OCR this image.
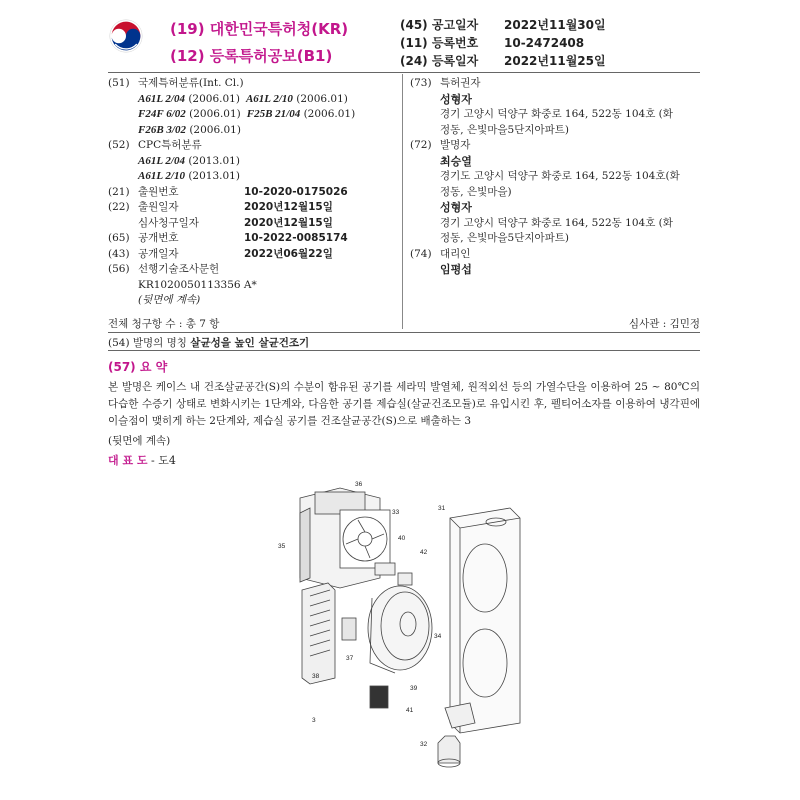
(19) 대한민국특허청(KR)
(12) 등록특허공보(B1)
(45) 공고일자	2022년11월30일
(11) 등록번호	10-2472408
(24) 등록일자	2022년11월25일
(51) 국제특허분류(Int. Cl.)
A61L 2/04
(2006.01) A61L 2/10
(2006.01)
F24F 6/02
(2006.01) F25B 21/04
(2006.01)
F26B 3/02
(2006.01)
(52) CPC특허분류
A61L 2/04
(2013.01)
A61L 2/10
(2013.01)
(21) 출원번호	10-2020-0175026
(22) 출원일자	2020년12월15일
심사청구일자	2020년12월15일
(65) 공개번호	10-2022-0085174
(43) 공개일자	2022년06월22일
(56) 선행기술조사문헌
KR1020050113356 A*
(뒷면에 계속)
(73) 특허권자
성형자
경기 고양시 덕양구 화중로 164, 522동 104호 (화정동, 은빛마을5단지아파트)
(72) 발명자
최승열
경기도 고양시 덕양구 화중로 164, 522동 104호(화정동, 은빛마을)
성형자
경기 고양시 덕양구 화중로 164, 522동 104호 (화정동, 은빛마을5단지아파트)
(74) 대리인
임평섭
전체 청구항 수 : 총 7 항	심사관 : 김민정
(54) 발명의 명칭 살균성을 높인 살균건조기
(57) 요 약
본 발명은 케이스 내 건조살균공간(S)의 수분이 함유된 공기를 세라믹 발열체, 원적외선 등의 가열수단을 이용하여 25 ~ 80℃의 다습한 수증기 상태로 변화시키는 1단계와, 다음한 공기를 제습실(살균건조모듈)로 유입시킨 후, 펠티어소자를 이용하여 냉각핀에 이슬점이 맺히게 하는 2단계와, 제습실 공기를 건조살균공간(S)으로 배출하는 3
(뒷면에 계속)
대 표 도 - 도4
36
33
31
35
40
42
34
37
38
39
41
3
32
